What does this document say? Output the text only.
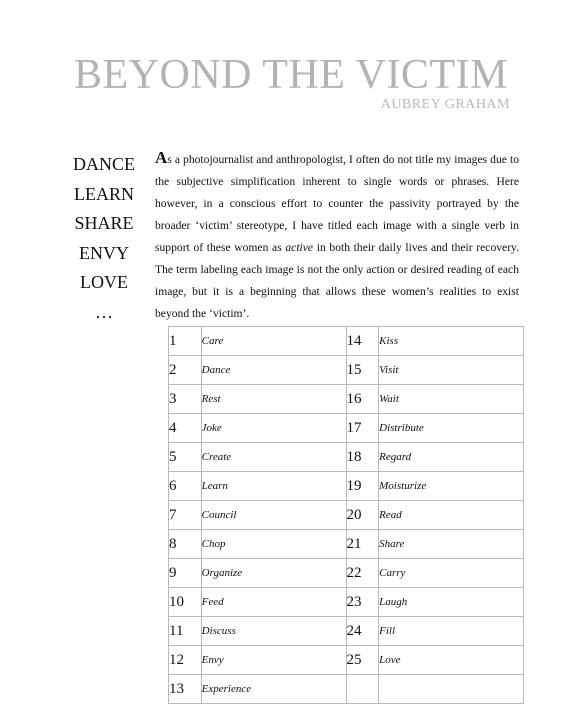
BEYOND THE VICTIM
AUBREY GRAHAM
DANCE
LEARN
SHARE
ENVY
LOVE
…

As a photojournalist and anthropologist, I often do not title my images due to the subjective simplification inherent to single words or phrases. Here however, in a conscious effort to counter the passivity portrayed by the broader ‘victim’ stereotype, I have titled each image with a single verb in support of these women as active in both their daily lives and their recovery. The term labeling each image is not the only action or desired reading of each image, but it is a beginning that allows these women’s realities to exist beyond the ‘victim’.

1	Care	14	Kiss
2	Dance	15	Visit
3	Rest	16	Wait
4	Joke	17	Distribute
5	Create	18	Regard
6	Learn	19	Moisturize
7	Council	20	Read
8	Chop	21	Share
9	Organize	22	Carry
10	Feed	23	Laugh
11	Discuss	24	Fill
12	Envy	25	Love
13	Experience		
